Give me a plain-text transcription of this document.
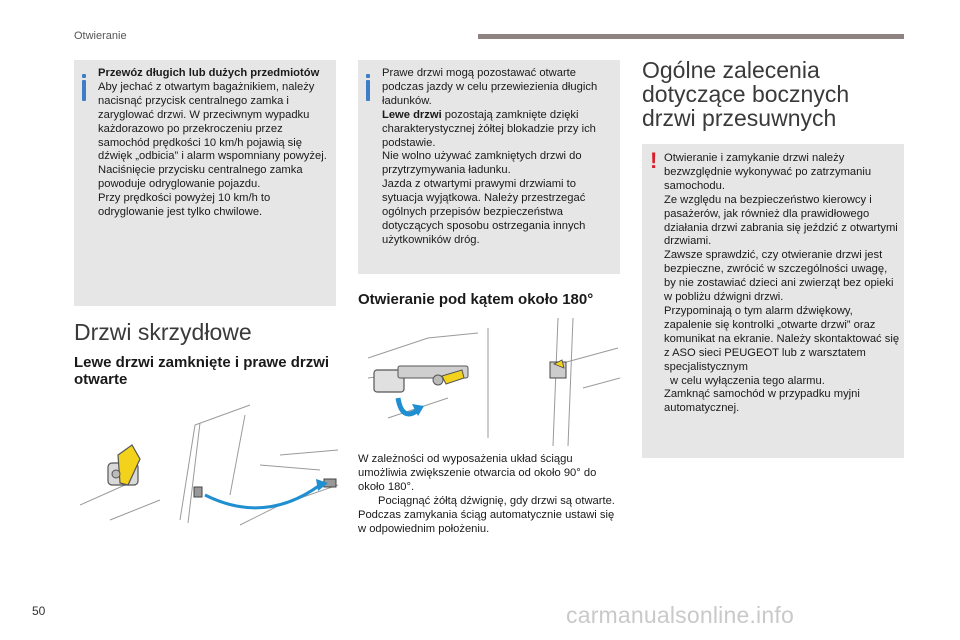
Otwieranie

Przewóz długich lub dużych przedmiotów

Aby jechać z otwartym bagażnikiem, należy nacisnąć przycisk centralnego zamka i zaryglować drzwi. W przeciwnym wypadku każdorazowo po przekroczeniu przez samochód prędkości 10 km/h pojawią się dźwięk „odbicia” i alarm wspomniany powyżej.

Naciśnięcie przycisku centralnego zamka powoduje odryglowanie pojazdu.

Przy prędkości powyżej 10 km/h to odryglowanie jest tylko chwilowe.

Drzwi skrzydłowe
Lewe drzwi zamknięte i prawe drzwi otwarte

Prawe drzwi mogą pozostawać otwarte podczas jazdy w celu przewiezienia długich ładunków.

Lewe drzwi pozostają zamknięte dzięki charakterystycznej żółtej blokadzie przy ich podstawie.

Nie wolno używać zamkniętych drzwi do przytrzymywania ładunku.

Jazda z otwartymi prawymi drzwiami to sytuacja wyjątkowa. Należy przestrzegać ogólnych przepisów bezpieczeństwa dotyczących sposobu ostrzegania innych użytkowników dróg.

Otwieranie pod kątem około 180°

W zależności od wyposażenia układ ściągu umożliwia zwiększenie otwarcia od około 90° do około 180°.

Pociągnąć żółtą dźwignię, gdy drzwi są otwarte.

Podczas zamykania ściąg automatycznie ustawi się w odpowiednim położeniu.

Ogólne zalecenia dotyczące bocznych drzwi przesuwnych
! Otwieranie i zamykanie drzwi należy bezwzględnie wykonywać po zatrzymaniu samochodu.

Ze względu na bezpieczeństwo kierowcy i pasażerów, jak również dla prawidłowego działania drzwi zabrania się jeździć z otwartymi drzwiami.

Zawsze sprawdzić, czy otwieranie drzwi jest bezpieczne, zwrócić w szczególności uwagę, by nie zostawiać dzieci ani zwierząt bez opieki w pobliżu dźwigni drzwi.

Przypominają o tym alarm dźwiękowy, zapalenie się kontrolki „otwarte drzwi” oraz komunikat na ekranie. Należy skontaktować się z ASO sieci PEUGEOT lub z warsztatem specjalistycznym

w celu wyłączenia tego alarmu.

Zamknąć samochód w przypadku myjni automatycznej.

50	carmanualsonline.info
